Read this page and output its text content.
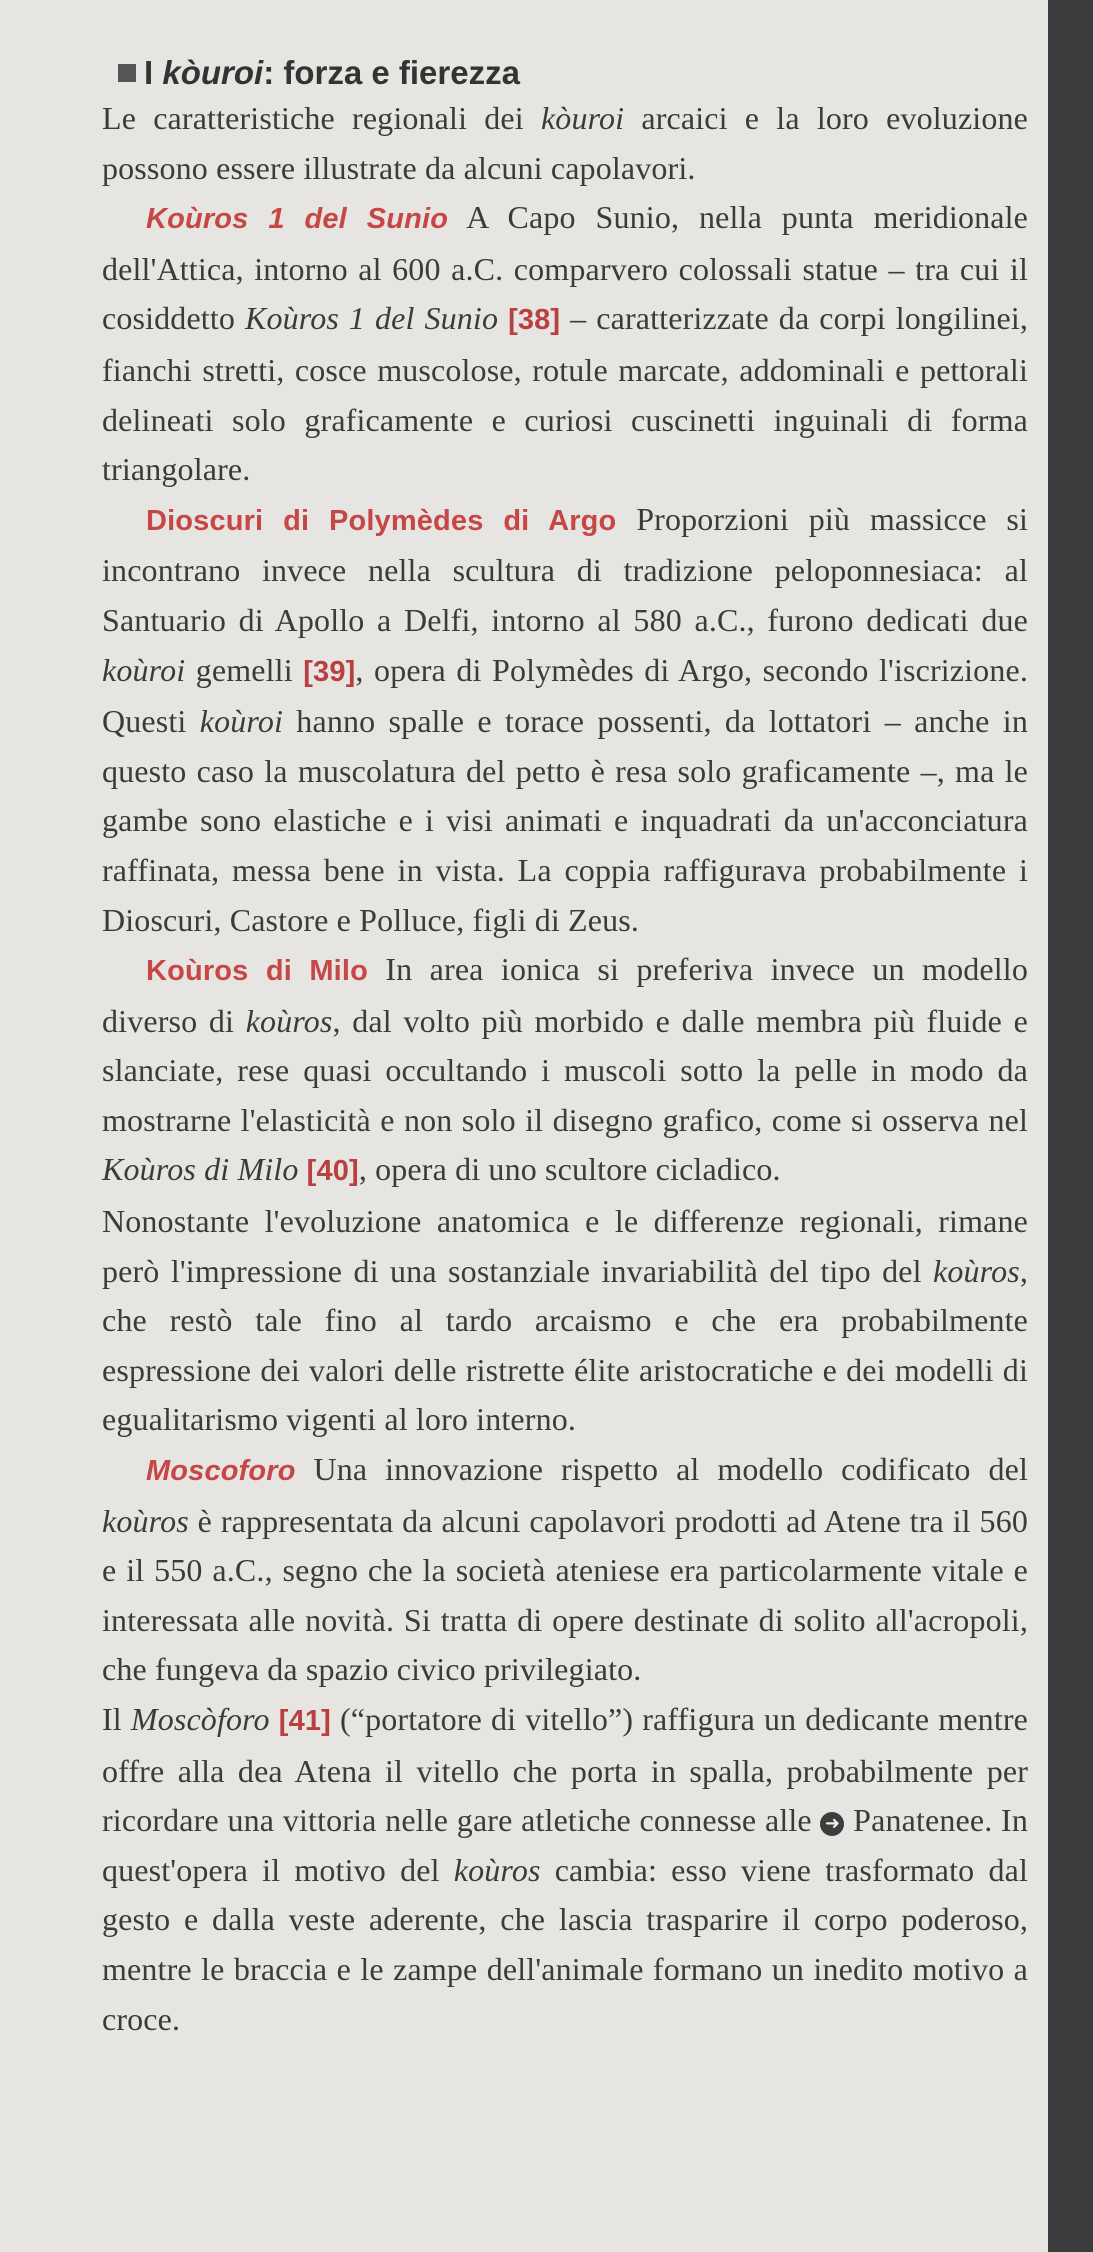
I kòuroi: forza e fierezza

Le caratteristiche regionali dei kòuroi arcaici e la loro evoluzione possono essere illustrate da alcuni capolavori.

Koùros 1 del Sunio A Capo Sunio, nella punta meridionale dell'Attica, intorno al 600 a.C. comparvero colossali statue – tra cui il cosiddetto Koùros 1 del Sunio [38] – caratterizzate da corpi longilinei, fianchi stretti, cosce muscolose, rotule marcate, addominali e pettorali delineati solo graficamente e curiosi cuscinetti inguinali di forma triangolare.

Dioscuri di Polymèdes di Argo Proporzioni più massicce si incontrano invece nella scultura di tradizione peloponnesiaca: al Santuario di Apollo a Delfi, intorno al 580 a.C., furono dedicati due koùroi gemelli [39], opera di Polymèdes di Argo, secondo l'iscrizione. Questi koùroi hanno spalle e torace possenti, da lottatori – anche in questo caso la muscolatura del petto è resa solo graficamente –, ma le gambe sono elastiche e i visi animati e inquadrati da un'acconciatura raffinata, messa bene in vista. La coppia raffigurava probabilmente i Dioscuri, Castore e Polluce, figli di Zeus.

Koùros di Milo In area ionica si preferiva invece un modello diverso di koùros, dal volto più morbido e dalle membra più fluide e slanciate, rese quasi occultando i muscoli sotto la pelle in modo da mostrarne l'elasticità e non solo il disegno grafico, come si osserva nel Koùros di Milo [40], opera di uno scultore cicladico.

Nonostante l'evoluzione anatomica e le differenze regionali, rimane però l'impressione di una sostanziale invariabilità del tipo del koùros, che restò tale fino al tardo arcaismo e che era probabilmente espressione dei valori delle ristrette élite aristocratiche e dei modelli di egualitarismo vigenti al loro interno.

Moscoforo Una innovazione rispetto al modello codificato del koùros è rappresentata da alcuni capolavori prodotti ad Atene tra il 560 e il 550 a.C., segno che la società ateniese era particolarmente vitale e interessata alle novità. Si tratta di opere destinate di solito all'acropoli, che fungeva da spazio civico privilegiato.

Il Moscòforo [41] (“portatore di vitello”) raffigura un dedicante mentre offre alla dea Atena il vitello che porta in spalla, probabilmente per ricordare una vittoria nelle gare atletiche connesse alle ➜ Panatenee. In quest'opera il motivo del koùros cambia: esso viene trasformato dal gesto e dalla veste aderente, che lascia trasparire il corpo poderoso, mentre le braccia e le zampe dell'animale formano un inedito motivo a croce.
